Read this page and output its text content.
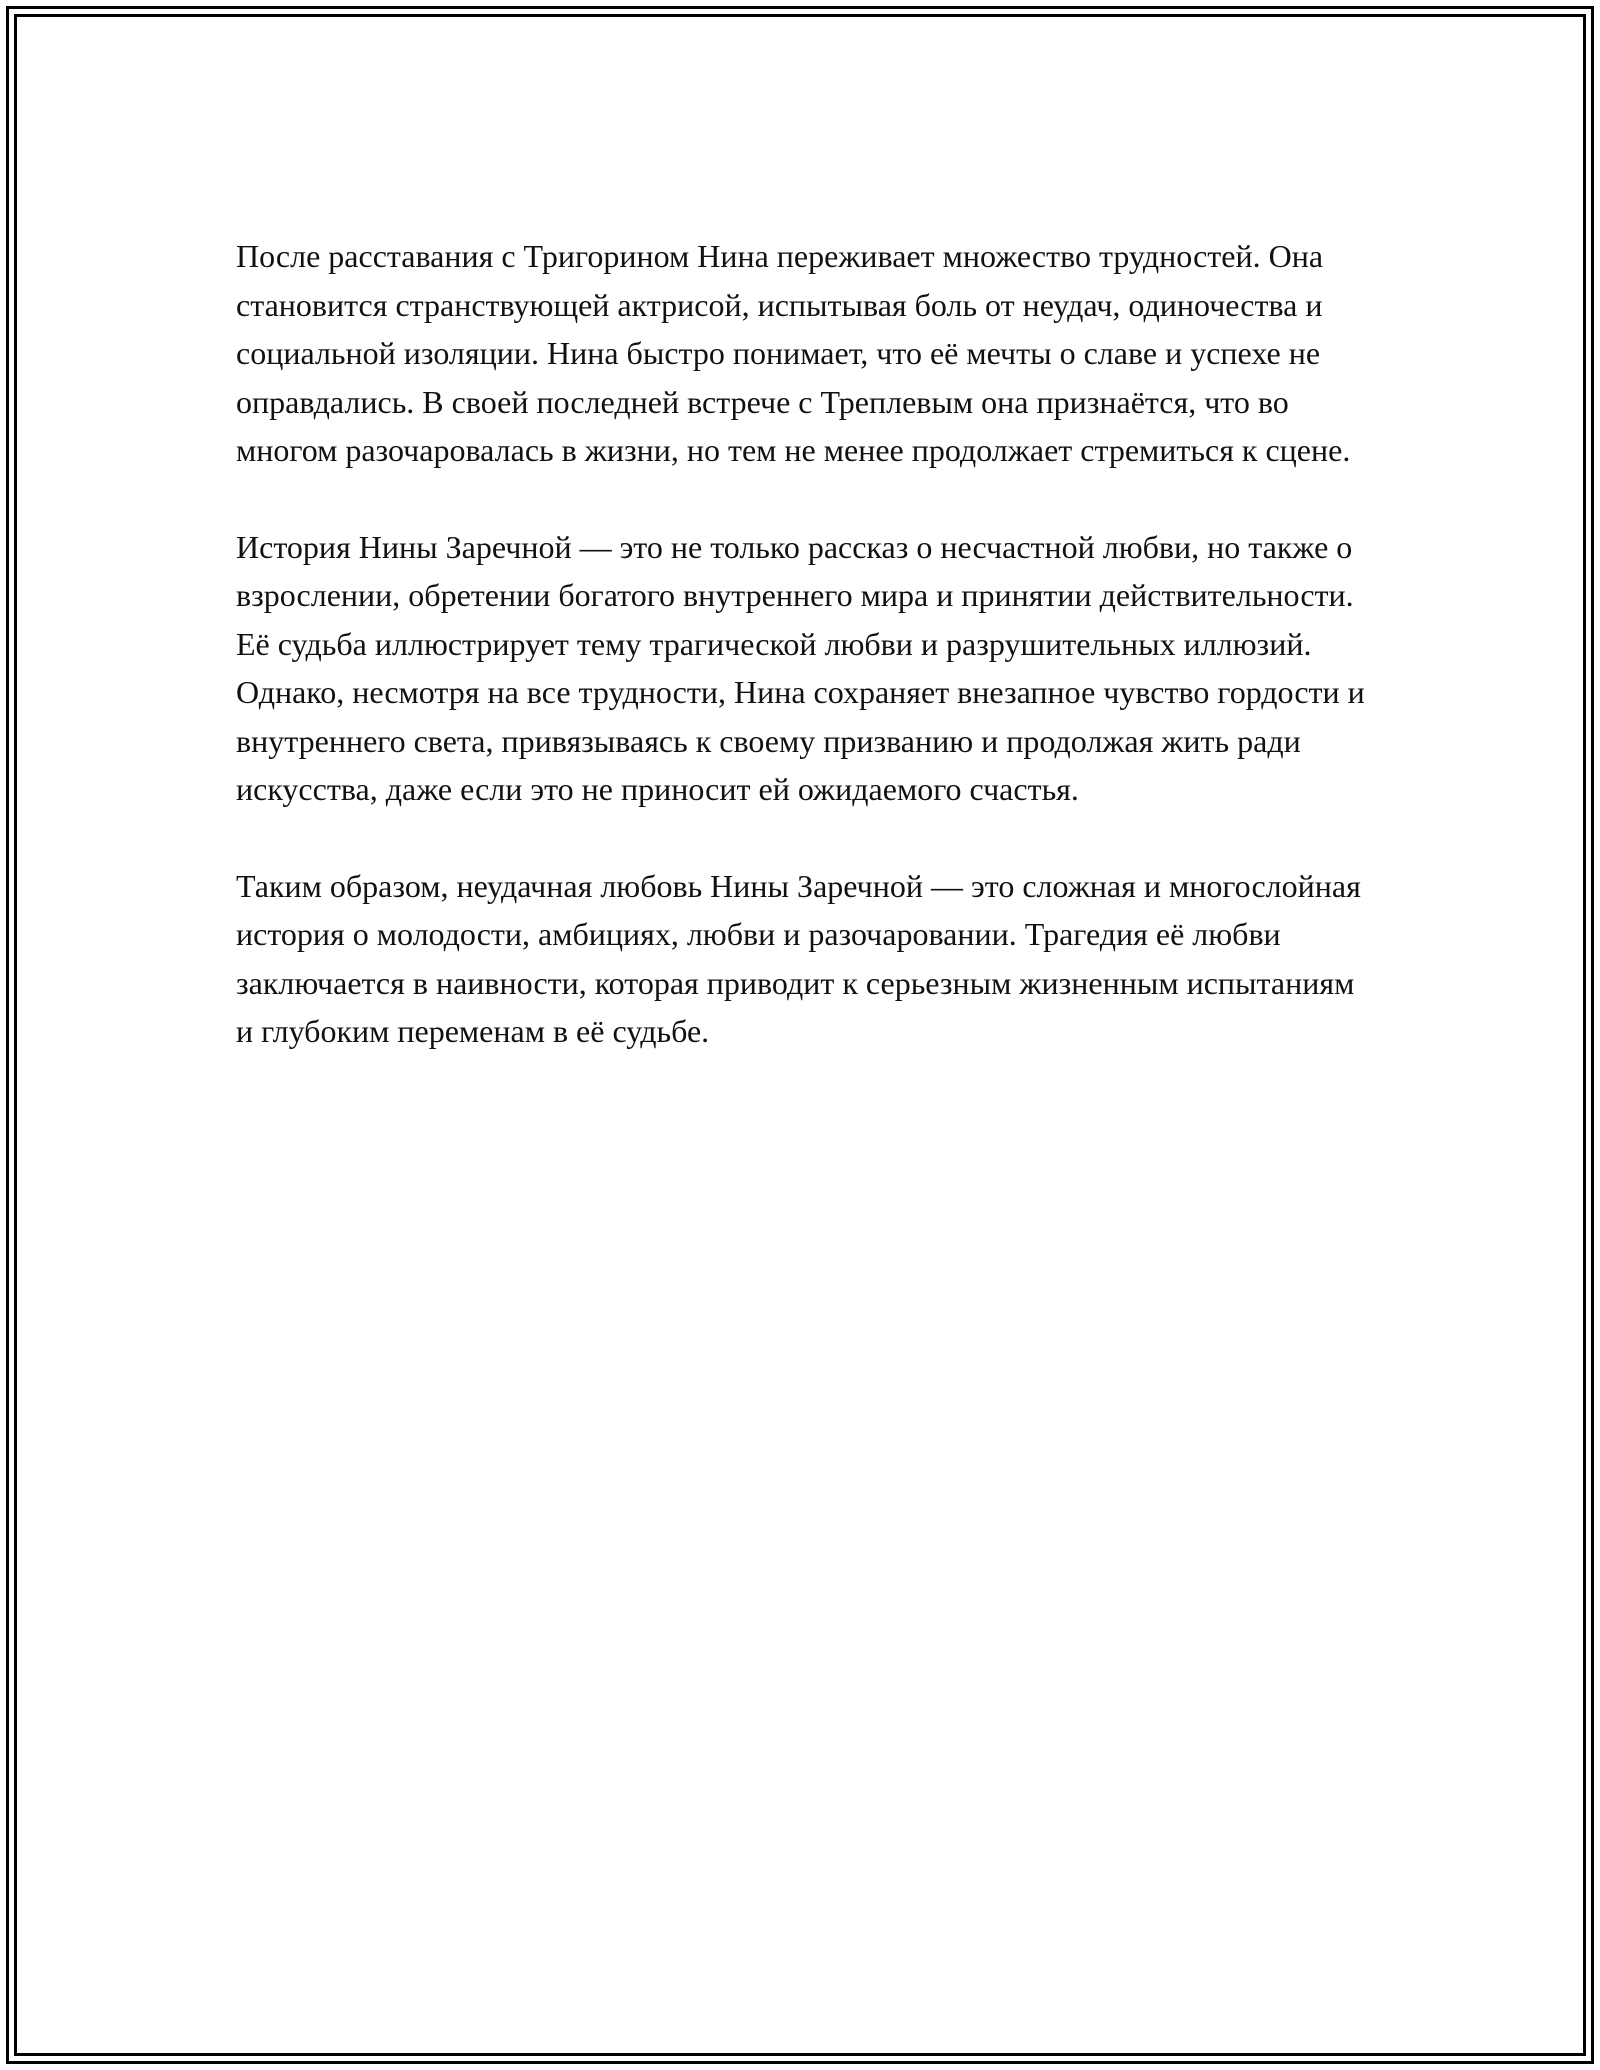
После расставания с Тригорином Нина переживает множество трудностей. Она становится странствующей актрисой, испытывая боль от неудач, одиночества и социальной изоляции. Нина быстро понимает, что её мечты о славе и успехе не оправдались. В своей последней встрече с Треплевым она признаётся, что во многом разочаровалась в жизни, но тем не менее продолжает стремиться к сцене.

История Нины Заречной — это не только рассказ о несчастной любви, но также о взрослении, обретении богатого внутреннего мира и принятии действительности. Её судьба иллюстрирует тему трагической любви и разрушительных иллюзий. Однако, несмотря на все трудности, Нина сохраняет внезапное чувство гордости и внутреннего света, привязываясь к своему призванию и продолжая жить ради искусства, даже если это не приносит ей ожидаемого счастья.

Таким образом, неудачная любовь Нины Заречной — это сложная и многослойная история о молодости, амбициях, любви и разочаровании. Трагедия её любви заключается в наивности, которая приводит к серьезным жизненным испытаниям и глубоким переменам в её судьбе.
